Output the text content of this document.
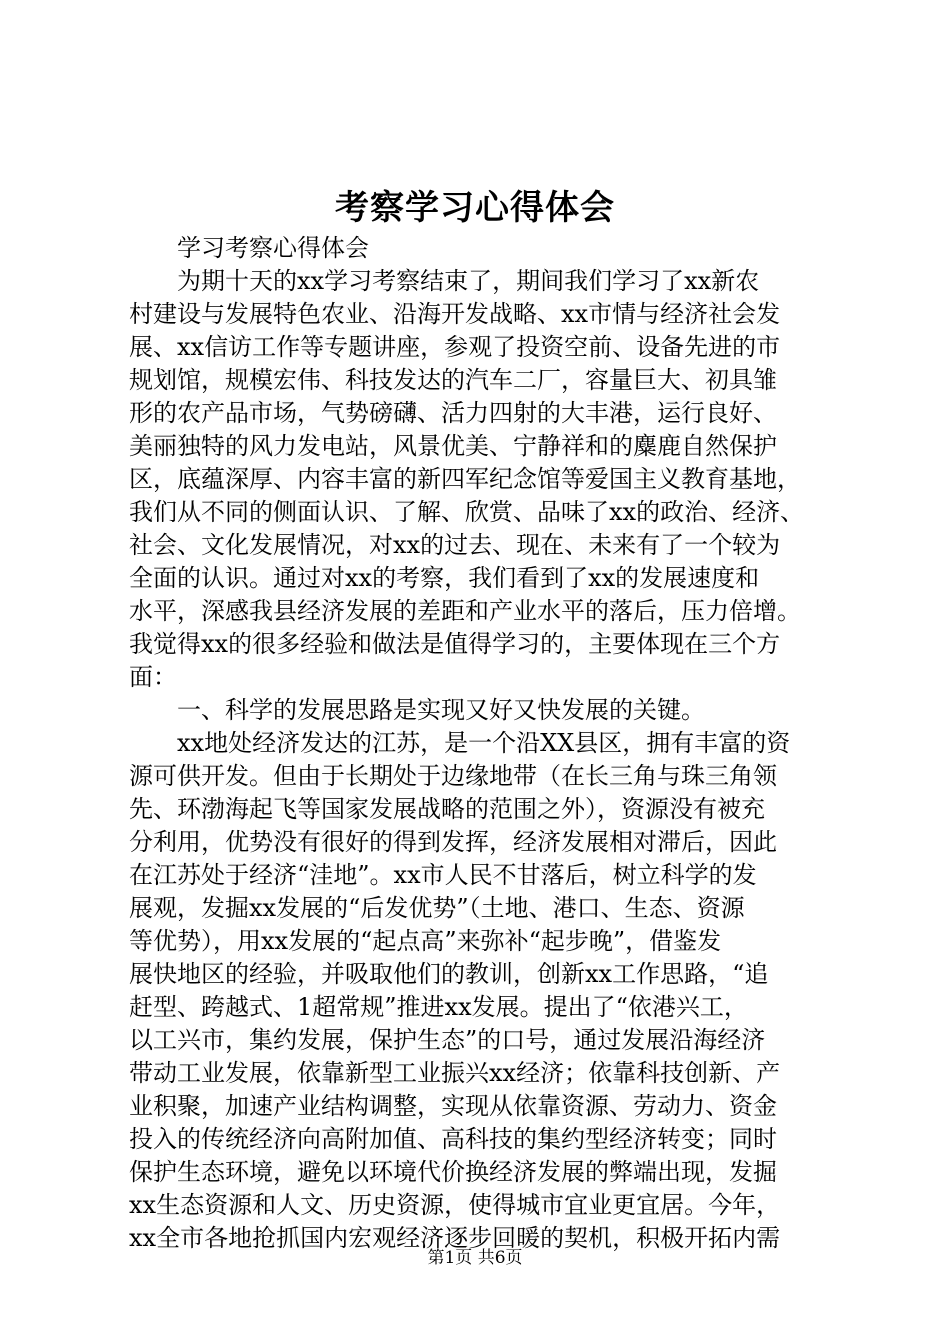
考察学习心得体会
　　学习考察心得体会
　　为期十天的xx学习考察结束了，期间我们学习了xx新农
村建设与发展特色农业、沿海开发战略、xx市情与经济社会发
展、xx信访工作等专题讲座，参观了投资空前、设备先进的市
规划馆，规模宏伟、科技发达的汽车二厂，容量巨大、初具雏
形的农产品市场，气势磅礴、活力四射的大丰港，运行良好、
美丽独特的风力发电站，风景优美、宁静祥和的麋鹿自然保护
区，底蕴深厚、内容丰富的新四军纪念馆等爱国主义教育基地，
我们从不同的侧面认识、了解、欣赏、品味了xx的政治、经济、
社会、文化发展情况，对xx的过去、现在、未来有了一个较为
全面的认识。通过对xx的考察，我们看到了xx的发展速度和
水平，深感我县经济发展的差距和产业水平的落后，压力倍增。
我觉得xx的很多经验和做法是值得学习的，主要体现在三个方
面：
　　一、科学的发展思路是实现又好又快发展的关键。
　　xx地处经济发达的江苏，是一个沿XX县区，拥有丰富的资
源可供开发。但由于长期处于边缘地带（在长三角与珠三角领
先、环渤海起飞等国家发展战略的范围之外），资源没有被充
分利用，优势没有很好的得到发挥，经济发展相对滞后，因此
在江苏处于经济“洼地”。xx市人民不甘落后，树立科学的发
展观，发掘xx发展的“后发优势”（土地、港口、生态、资源
等优势），用xx发展的“起点高”来弥补“起步晚”，借鉴发
展快地区的经验，并吸取他们的教训，创新xx工作思路，“追
赶型、跨越式、1超常规”推进xx发展。提出了“依港兴工，
以工兴市，集约发展，保护生态”的口号，通过发展沿海经济
带动工业发展，依靠新型工业振兴xx经济；依靠科技创新、产
业积聚，加速产业结构调整，实现从依靠资源、劳动力、资金
投入的传统经济向高附加值、高科技的集约型经济转变；同时
保护生态环境，避免以环境代价换经济发展的弊端出现，发掘
xx生态资源和人文、历史资源，使得城市宜业更宜居。今年，
xx全市各地抢抓国内宏观经济逐步回暖的契机，积极开拓内需
第1页 共6页
